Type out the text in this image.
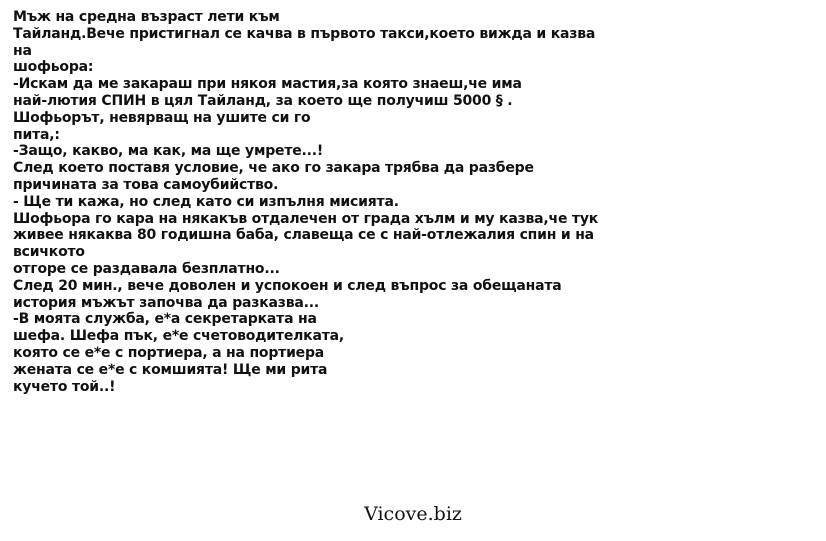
Мъж на средна възраст лети към
Тайланд.Вече пристигнал се качва в първото такси,което вижда и казва
на
шофьора:
-Искам да ме закараш при някоя мастия,за която знаеш,че има
най-лютия СПИН в цял Тайланд, за което ще получиш 5000 § .
Шофьорът, невярващ на ушите си го
пита,:
-Защо, какво, ма как, ма ще умрете...!
След което поставя условие, че ако го закара трябва да разбере
причината за това самоубийство.
- Ще ти кажа, но след като си изпълня мисията.
Шофьора го кара на някакъв отдалечен от града хълм и му казва,че тук
живее някаква 80 годишна баба, славеща се с най-отлежалия спин и на
всичкото
отгоре се раздавала безплатно...
След 20 мин., вече доволен и успокоен и след въпрос за обещаната
история мъжът започва да разказва...
-В моята служба, е*а секретарката на
шефа. Шефа пък, е*е счетоводителката,
която се е*е с портиера, а на портиера
жената се е*е с комшията! Ще ми рита
кучето той..!
Vicove.biz
